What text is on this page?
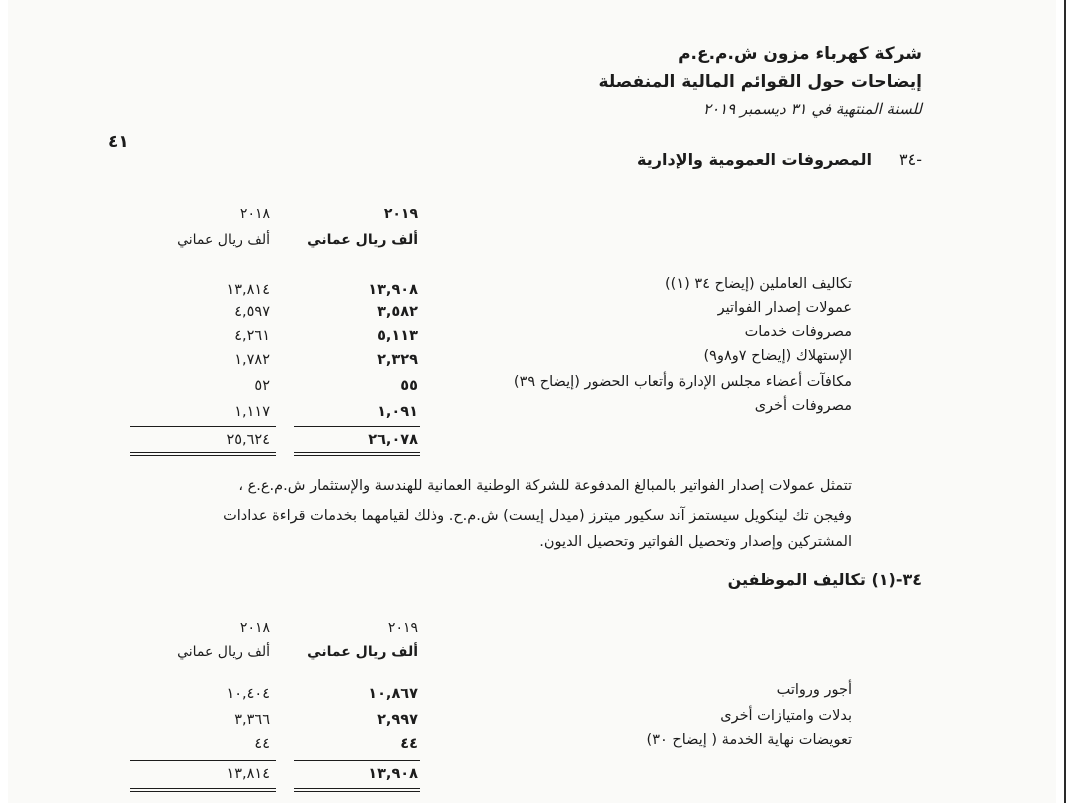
شركة كهرباء مزون ش.م.ع.م
إيضاحات حول القوائم المالية المنفصلة
للسنة المنتهية في ٣١ ديسمبر ٢٠١٩
٤١
-٣٤
المصروفات العمومية والإدارية
٢٠١٩
ألف ريال عماني
٢٠١٨
ألف ريال عماني
تكاليف العاملين (إيضاح ٣٤ (١))
١٣,٩٠٨
١٣,٨١٤
عمولات إصدار الفواتير
٣,٥٨٢
٤,٥٩٧
مصروفات خدمات
٥,١١٣
٤,٢٦١
الإستهلاك (إيضاح ٧و٨و٩)
٢,٣٢٩
١,٧٨٢
مكافآت أعضاء مجلس الإدارة وأتعاب الحضور (إيضاح ٣٩)
٥٥
٥٢
مصروفات أخرى
١,٠٩١
١,١١٧
٢٦,٠٧٨
٢٥,٦٢٤
تتمثل عمولات إصدار الفواتير بالمبالغ المدفوعة للشركة الوطنية العمانية للهندسة والإستثمار ش.م.ع.ع ،
وفيجن تك لينكويل سيستمز آند سكيور ميترز (ميدل إيست) ش.م.ح. وذلك لقيامهما بخدمات قراءة عدادات
المشتركين وإصدار وتحصيل الفواتير وتحصيل الديون.
٣٤-(١) تكاليف الموظفين
٢٠١٩
ألف ريال عماني
٢٠١٨
ألف ريال عماني
أجور ورواتب
١٠,٨٦٧
١٠,٤٠٤
بدلات وامتيازات أخرى
٢,٩٩٧
٣,٣٦٦
تعويضات نهاية الخدمة ( إيضاح ٣٠)
٤٤
٤٤
١٣,٩٠٨
١٣,٨١٤
